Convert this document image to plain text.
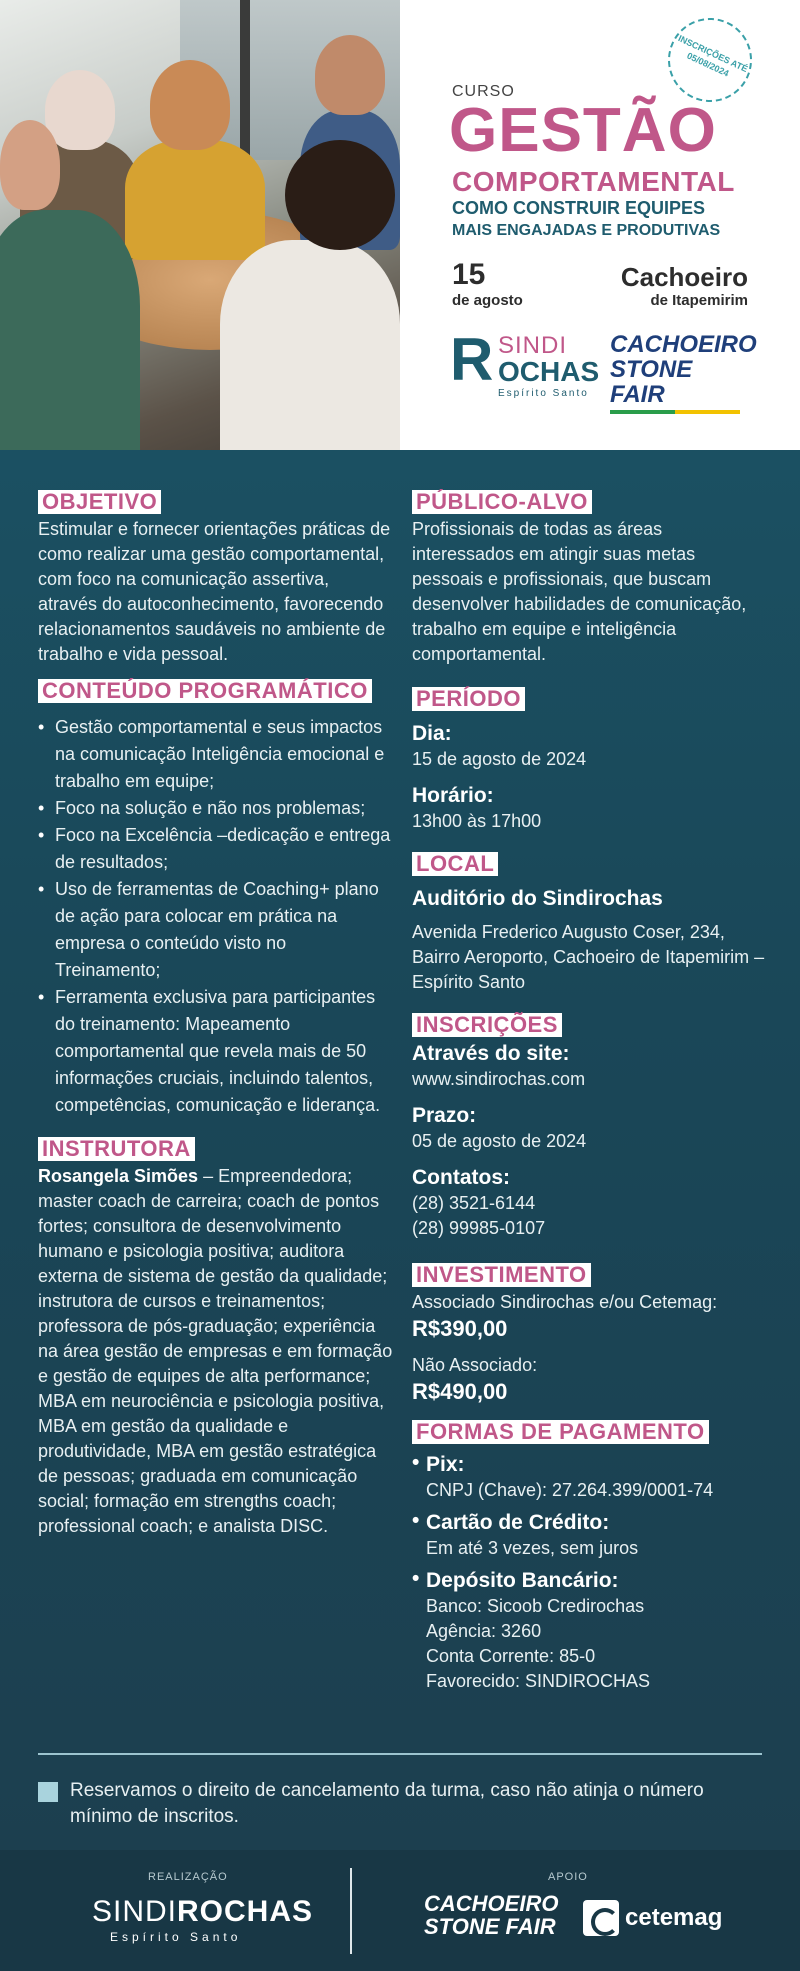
INSCRIÇÕES ATÉ 05/08/2024
CURSO
GESTÃO
COMPORTAMENTAL
COMO CONSTRUIR EQUIPES
MAIS ENGAJADAS E PRODUTIVAS
15
de agosto
Cachoeiro
de Itapemirim
R SINDI
OCHAS
Espírito Santo
CACHOEIRO
STONE FAIR
OBJETIVO
Estimular e fornecer orientações práticas de como realizar uma gestão comportamental, com foco na comunicação assertiva, através do autoconhecimento, favorecendo relacionamentos saudáveis no ambiente de trabalho e vida pessoal.
CONTEÚDO PROGRAMÁTICO
• Gestão comportamental e seus impactos na comunicação Inteligência emocional e trabalho em equipe;
• Foco na solução e não nos problemas;
• Foco na Excelência –dedicação e entrega de resultados;
• Uso de ferramentas de Coaching+ plano de ação para colocar em prática na empresa o conteúdo visto no Treinamento;
• Ferramenta exclusiva para participantes do treinamento: Mapeamento comportamental que revela mais de 50 informações cruciais, incluindo talentos, competências, comunicação e liderança.
INSTRUTORA
Rosangela Simões – Empreendedora; master coach de carreira; coach de pontos fortes; consultora de desenvolvimento humano e psicologia positiva; auditora externa de sistema de gestão da qualidade; instrutora de cursos e treinamentos; professora de pós-graduação; experiência na área gestão de empresas e em formação e gestão de equipes de alta performance; MBA em neurociência e psicologia positiva, MBA em gestão da qualidade e produtividade, MBA em gestão estratégica de pessoas; graduada em comunicação social; formação em strengths coach; professional coach; e analista DISC.
PÚBLICO-ALVO
Profissionais de todas as áreas interessados em atingir suas metas pessoais e profissionais, que buscam desenvolver habilidades de comunicação, trabalho em equipe e inteligência comportamental.
PERÍODO
Dia:
15 de agosto de 2024
Horário:
13h00 às 17h00
LOCAL
Auditório do Sindirochas
Avenida Frederico Augusto Coser, 234, Bairro Aeroporto, Cachoeiro de Itapemirim – Espírito Santo
INSCRIÇÕES
Através do site:
www.sindirochas.com
Prazo:
05 de agosto de 2024
Contatos:
(28) 3521-6144
(28) 99985-0107
INVESTIMENTO
Associado Sindirochas e/ou Cetemag:
R$390,00
Não Associado:
R$490,00
FORMAS DE PAGAMENTO
• Pix:
CNPJ (Chave): 27.264.399/0001-74
• Cartão de Crédito:
Em até 3 vezes, sem juros
• Depósito Bancário:
Banco: Sicoob Credirochas
Agência: 3260
Conta Corrente: 85-0
Favorecido: SINDIROCHAS
Reservamos o direito de cancelamento da turma, caso não atinja o número mínimo de inscritos.
REALIZAÇÃO	APOIO
SINDIROCHAS
Espírito Santo
CACHOEIRO
STONE FAIR	cetemag
